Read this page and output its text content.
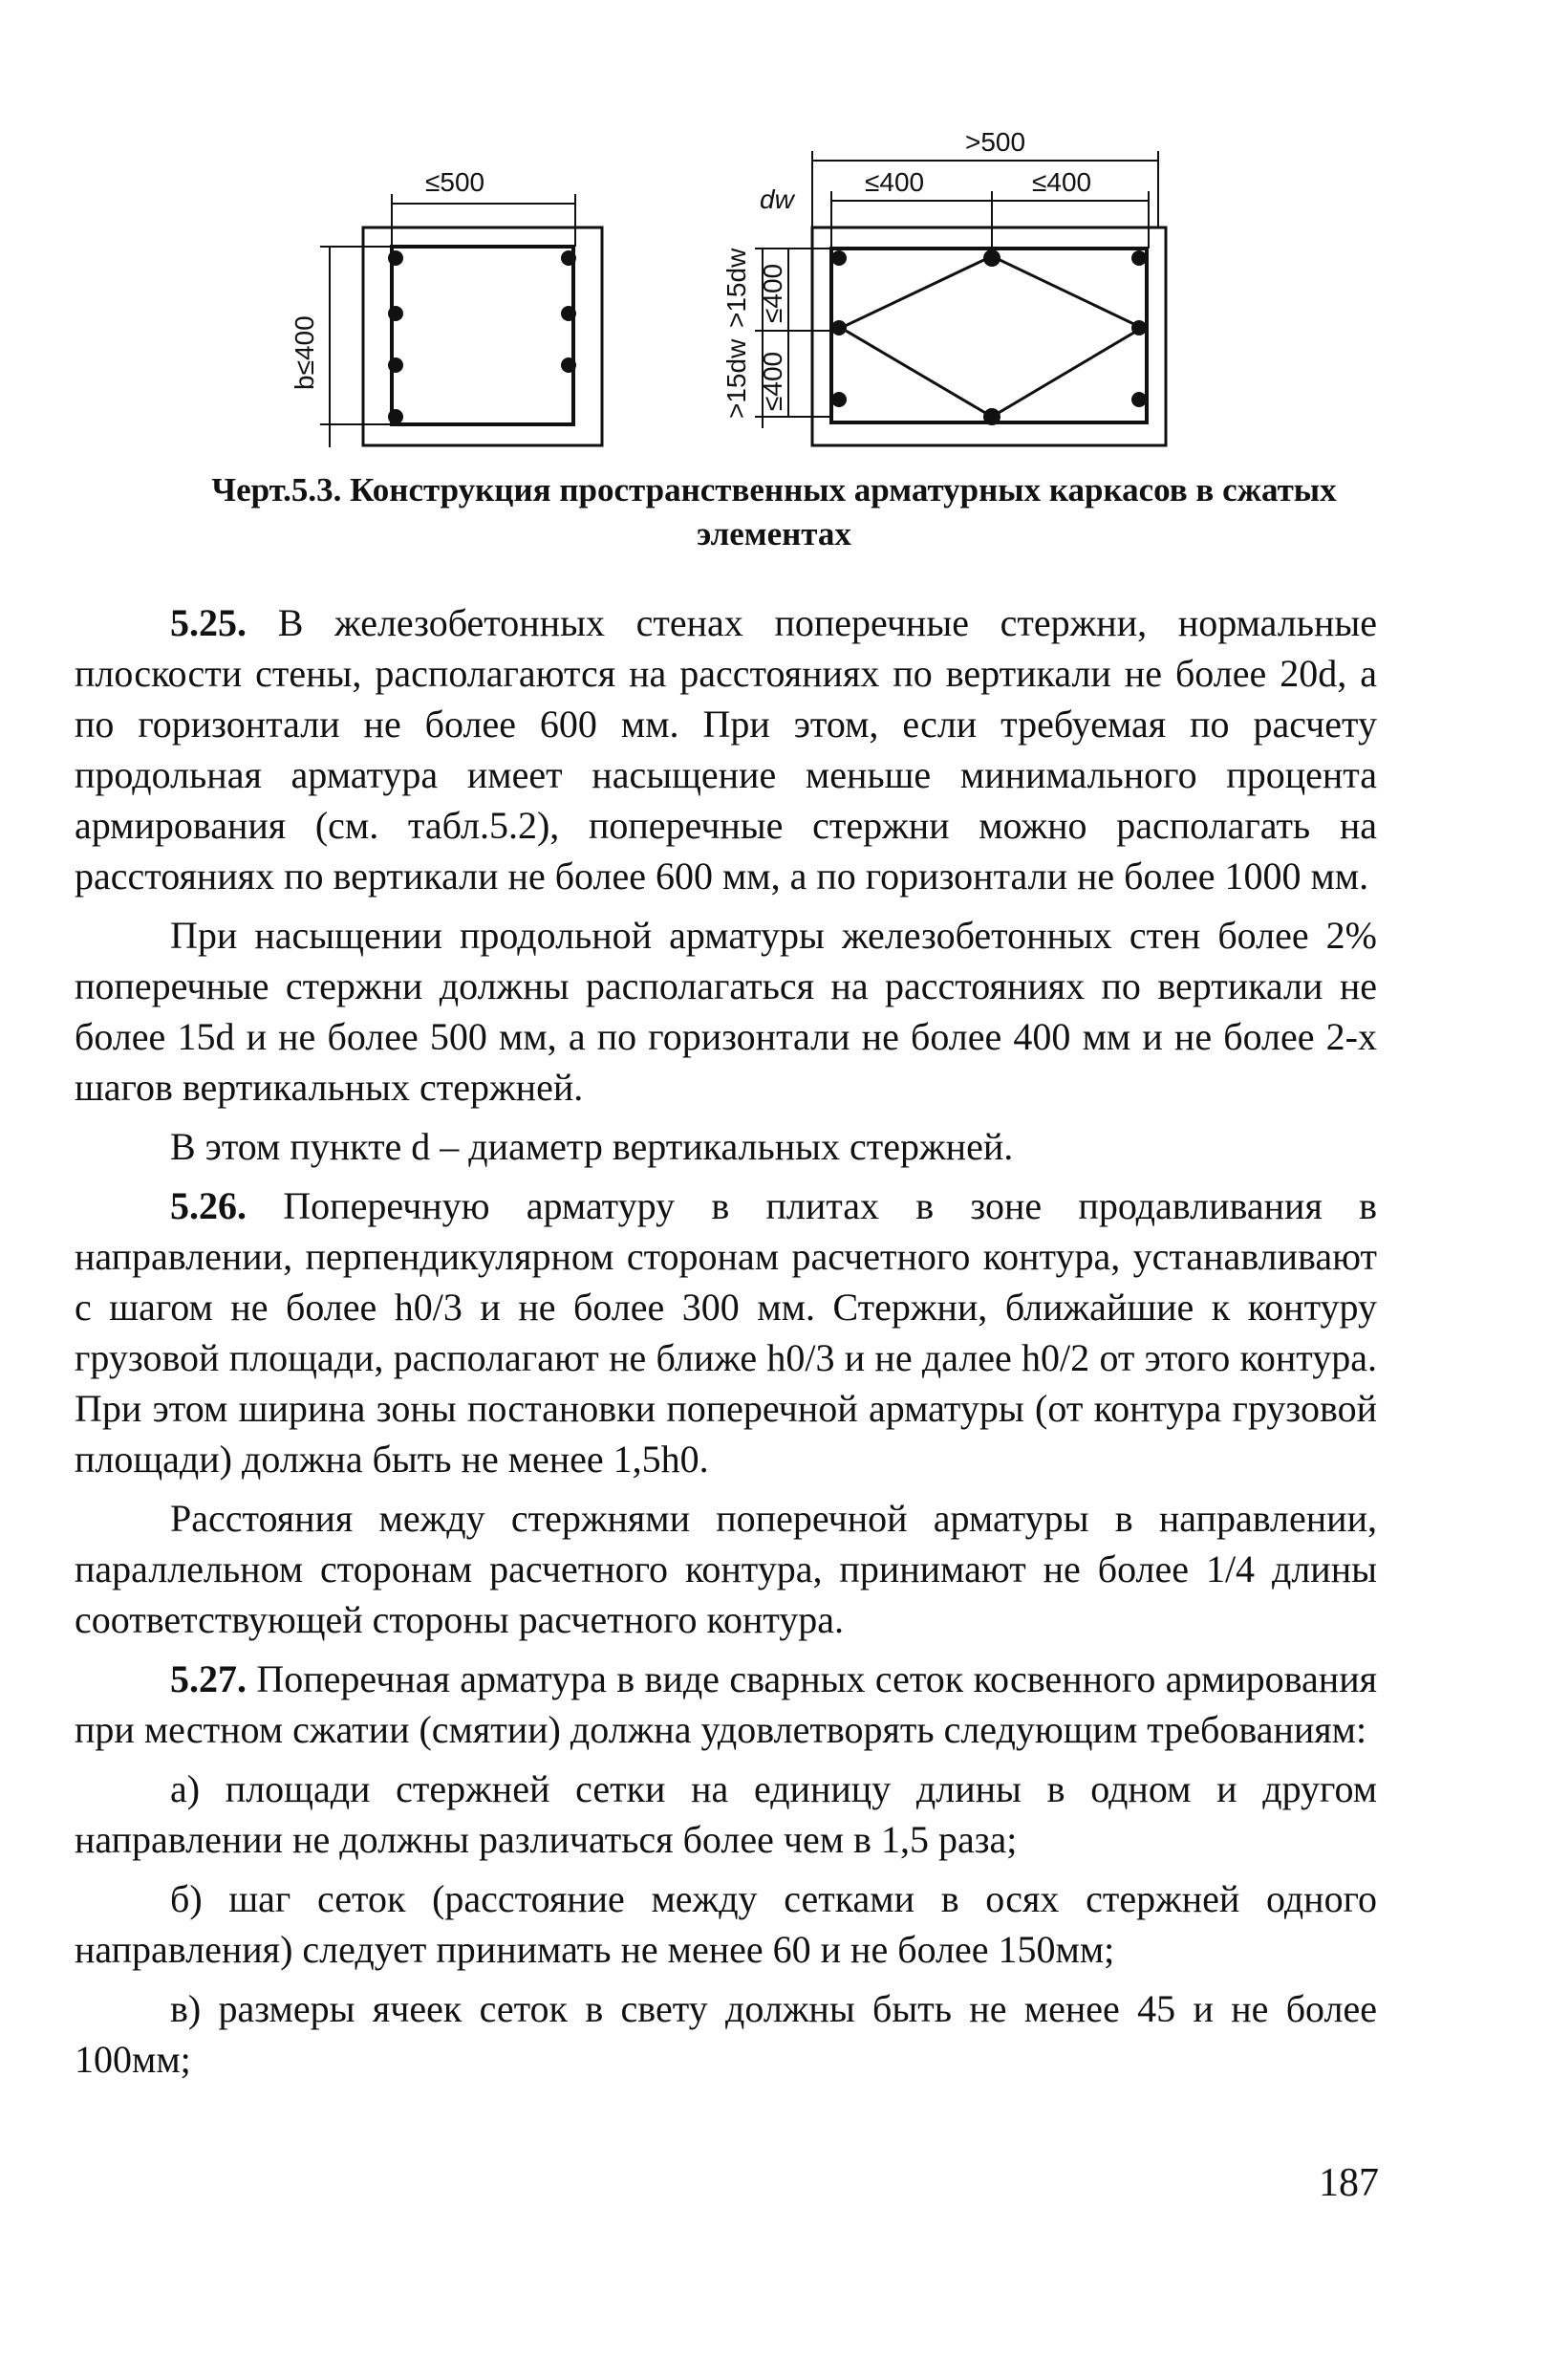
≤500
b≤400
>500
≤400	≤400
dw
>15dw
>15dw
≤400
≤400
Черт.5.3. Конструкция пространственных арматурных каркасов в сжатых
элементах

5.25. В железобетонных стенах поперечные стержни, нормальные плоскости стены, располагаются на расстояниях по вертикали не более 20d, а по горизонтали не более 600 мм. При этом, если требуемая по расчету продольная арматура имеет насыщение меньше минимального процента армирования (см. табл.5.2), поперечные стержни можно располагать на расстояниях по вертикали не более 600 мм, а по горизонтали не более 1000 мм.

При насыщении продольной арматуры железобетонных стен более 2% поперечные стержни должны располагаться на расстояниях по вертикали не более 15d и не более 500 мм, а по горизонтали не более 400 мм и не более 2-х шагов вертикальных стержней.

В этом пункте d – диаметр вертикальных стержней.

5.26. Поперечную арматуру в плитах в зоне продавливания в направлении, перпендикулярном сторонам расчетного контура, устанавливают с шагом не более h0/3 и не более 300 мм. Стержни, ближайшие к контуру грузовой площади, располагают не ближе h0/3 и не далее h0/2 от этого контура. При этом ширина зоны постановки поперечной арматуры (от контура грузовой площади) должна быть не менее 1,5h0.

Расстояния между стержнями поперечной арматуры в направлении, параллельном сторонам расчетного контура, принимают не более 1/4 длины соответствующей стороны расчетного контура.

5.27. Поперечная арматура в виде сварных сеток косвенного армирования при местном сжатии (смятии) должна удовлетворять следующим требованиям:

а) площади стержней сетки на единицу длины в одном и другом направлении не должны различаться более чем в 1,5 раза;

б) шаг сеток (расстояние между сетками в осях стержней одного направления) следует принимать не менее 60 и не более 150мм;

в) размеры ячеек сеток в свету должны быть не менее 45 и не более 100мм;

187
